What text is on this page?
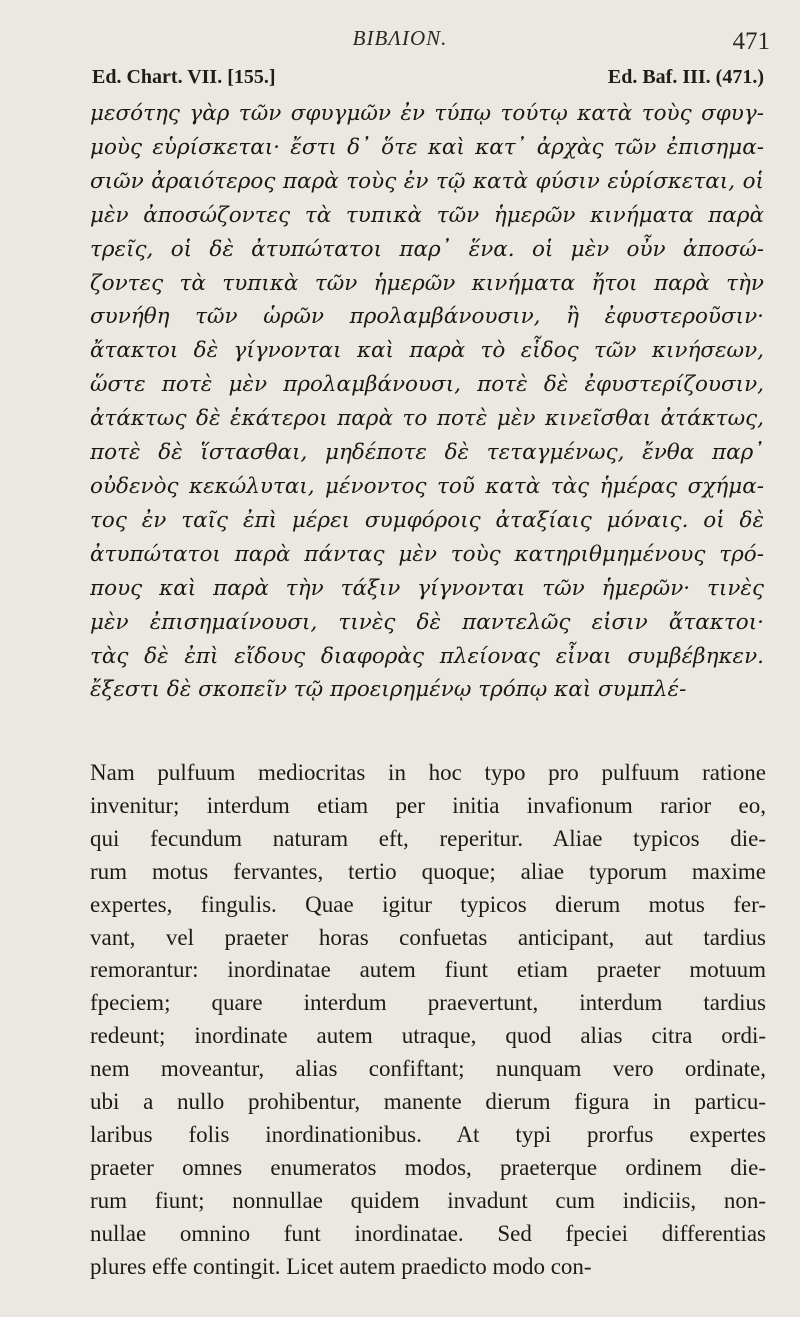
BIBΛΙΟΝ.	471
Ed. Chart. VII. [155.]	Ed. Baf. III. (471.)
μεσότης γὰρ τῶν σφυγμῶν ἐν τύπῳ τούτῳ κατὰ τοὺς σφυγ-
μοὺς εὑρίσκεται· ἔστι δ᾽ ὅτε καὶ κατ᾽ ἀρχὰς τῶν ἐπισημα-
σιῶν ἀραιότερος παρὰ τοὺς ἐν τῷ κατὰ φύσιν εὑρίσκεται, οἱ
μὲν ἀποσώζοντες τὰ τυπικὰ τῶν ἡμερῶν κινήματα παρὰ
τρεῖς, οἱ δὲ ἀτυπώτατοι παρ᾽ ἕνα. οἱ μὲν οὖν ἀποσώ-
ζοντες τὰ τυπικὰ τῶν ἡμερῶν κινήματα ἤτοι παρὰ τὴν
συνήθη τῶν ὡρῶν προλαμβάνουσιν, ἢ ἐφυστεροῦσιν·
ἄτακτοι δὲ γίγνονται καὶ παρὰ τὸ εἶδος τῶν κινήσεων,
ὥστε ποτὲ μὲν προλαμβάνουσι, ποτὲ δὲ ἐφυστερίζουσιν,
ἀτάκτως δὲ ἑκάτεροι παρὰ το ποτὲ μὲν κινεῖσθαι ἀτάκτως,
ποτὲ δὲ ἵστασθαι, μηδέποτε δὲ τεταγμένως, ἔνθα παρ᾽
οὐδενὸς κεκώλυται, μένοντος τοῦ κατὰ τὰς ἡμέρας σχήμα-
τος ἐν ταῖς ἐπὶ μέρει συμφόροις ἀταξίαις μόναις. οἱ δὲ
ἀτυπώτατοι παρὰ πάντας μὲν τοὺς κατηριθμημένους τρό-
πους καὶ παρὰ τὴν τάξιν γίγνονται τῶν ἡμερῶν· τινὲς
μὲν ἐπισημαίνουσι, τινὲς δὲ παντελῶς εἰσιν ἄτακτοι·
τὰς δὲ ἐπὶ εἴδους διαφορὰς πλείονας εἶναι συμβέβηκεν.
ἔξεστι δὲ σκοπεῖν τῷ προειρημένῳ τρόπῳ καὶ συμπλέ-
Nam pulfuum mediocritas in hoc typo pro pulfuum ratione
invenitur; interdum etiam per initia invafionum rarior eo,
qui fecundum naturam eft, reperitur. Aliae typicos die-
rum motus fervantes, tertio quoque; aliae typorum maxime
expertes, fingulis. Quae igitur typicos dierum motus fer-
vant, vel praeter horas confuetas anticipant, aut tardius
remorantur: inordinatae autem fiunt etiam praeter motuum
fpeciem; quare interdum praevertunt, interdum tardius
redeunt; inordinate autem utraque, quod alias citra ordi-
nem moveantur, alias confiftant; nunquam vero ordinate,
ubi a nullo prohibentur, manente dierum figura in particu-
laribus folis inordinationibus. At typi prorfus expertes
praeter omnes enumeratos modos, praeterque ordinem die-
rum fiunt; nonnullae quidem invadunt cum indiciis, non-
nullae omnino funt inordinatae. Sed fpeciei differentias
plures effe contingit. Licet autem praedicto modo con-
